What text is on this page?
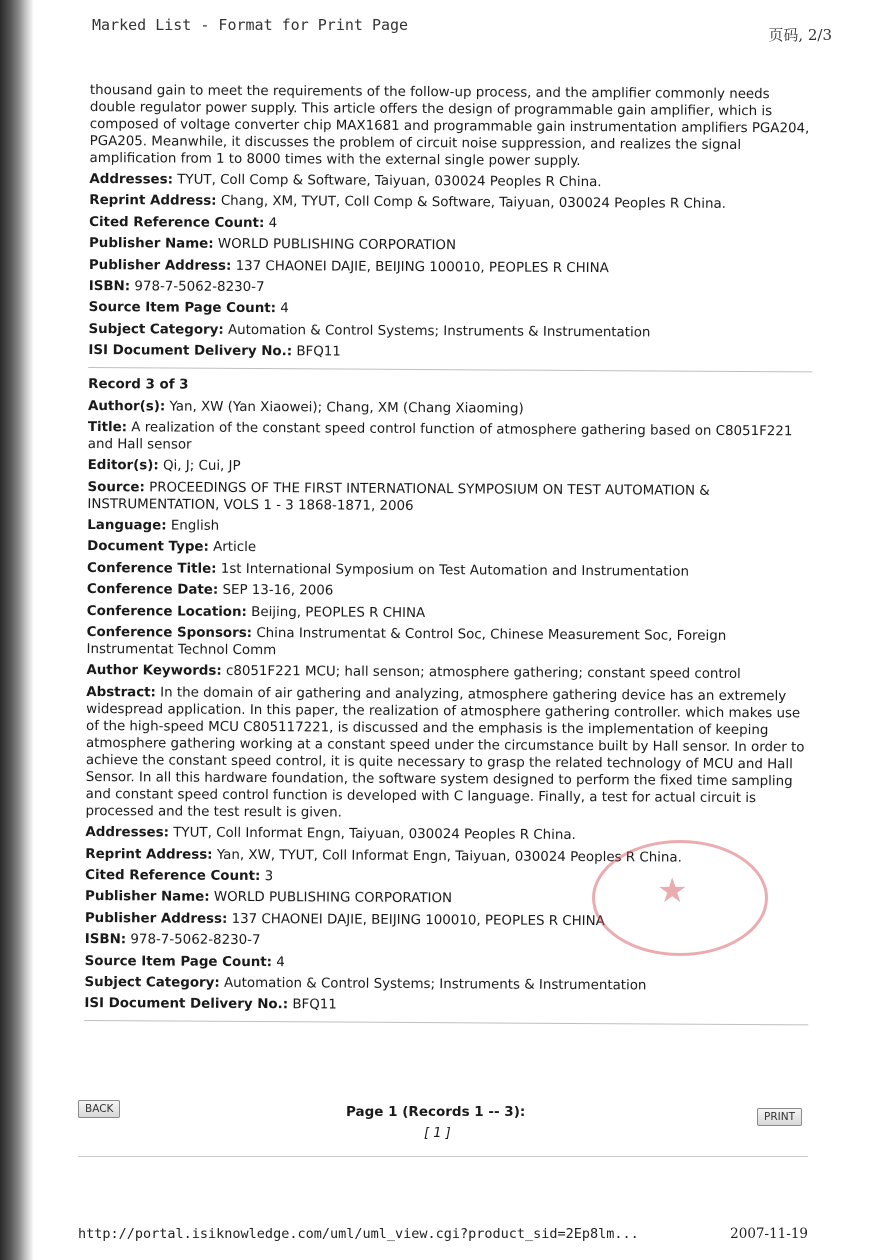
Marked List - Format for Print Page
页码, 2/3
thousand gain to meet the requirements of the follow-up process, and the amplifier commonly needs double regulator power supply. This article offers the design of programmable gain amplifier, which is composed of voltage converter chip MAX1681 and programmable gain instrumentation amplifiers PGA204, PGA205. Meanwhile, it discusses the problem of circuit noise suppression, and realizes the signal amplification from 1 to 8000 times with the external single power supply.
Addresses: TYUT, Coll Comp & Software, Taiyuan, 030024 Peoples R China.
Reprint Address: Chang, XM, TYUT, Coll Comp & Software, Taiyuan, 030024 Peoples R China.
Cited Reference Count: 4
Publisher Name: WORLD PUBLISHING CORPORATION
Publisher Address: 137 CHAONEI DAJIE, BEIJING 100010, PEOPLES R CHINA
ISBN: 978-7-5062-8230-7
Source Item Page Count: 4
Subject Category: Automation & Control Systems; Instruments & Instrumentation
ISI Document Delivery No.: BFQ11
Record 3 of 3
Author(s): Yan, XW (Yan Xiaowei); Chang, XM (Chang Xiaoming)
Title: A realization of the constant speed control function of atmosphere gathering based on C8051F221 and Hall sensor
Editor(s): Qi, J; Cui, JP
Source: PROCEEDINGS OF THE FIRST INTERNATIONAL SYMPOSIUM ON TEST AUTOMATION & INSTRUMENTATION, VOLS 1 - 3 1868-1871, 2006
Language: English
Document Type: Article
Conference Title: 1st International Symposium on Test Automation and Instrumentation
Conference Date: SEP 13-16, 2006
Conference Location: Beijing, PEOPLES R CHINA
Conference Sponsors: China Instrumentat & Control Soc, Chinese Measurement Soc, Foreign Instrumentat Technol Comm
Author Keywords: c8051F221 MCU; hall senson; atmosphere gathering; constant speed control
Abstract: In the domain of air gathering and analyzing, atmosphere gathering device has an extremely widespread application. In this paper, the realization of atmosphere gathering controller. which makes use of the high-speed MCU C805117221, is discussed and the emphasis is the implementation of keeping atmosphere gathering working at a constant speed under the circumstance built by Hall sensor. In order to achieve the constant speed control, it is quite necessary to grasp the related technology of MCU and Hall Sensor. In all this hardware foundation, the software system designed to perform the fixed time sampling and constant speed control function is developed with C language. Finally, a test for actual circuit is processed and the test result is given.
Addresses: TYUT, Coll Informat Engn, Taiyuan, 030024 Peoples R China.
Reprint Address: Yan, XW, TYUT, Coll Informat Engn, Taiyuan, 030024 Peoples R China.
Cited Reference Count: 3
Publisher Name: WORLD PUBLISHING CORPORATION
Publisher Address: 137 CHAONEI DAJIE, BEIJING 100010, PEOPLES R CHINA
ISBN: 978-7-5062-8230-7
Source Item Page Count: 4
Subject Category: Automation & Control Systems; Instruments & Instrumentation
ISI Document Delivery No.: BFQ11
★
BACK	Page 1 (Records 1 -- 3):
[ 1 ]
PRINT
http://portal.isiknowledge.com/uml/uml_view.cgi?product_sid=2Ep8lm...	2007-11-19
